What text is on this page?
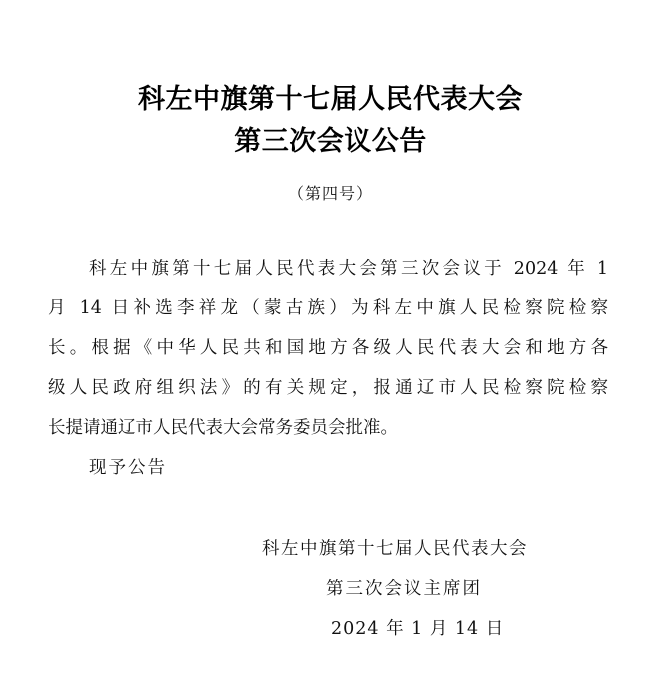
科左中旗第十七届人民代表大会
第三次会议公告
（第四号）
科左中旗第十七届人民代表大会第三次会议于 2024 年 1
月 14 日补选李祥龙（蒙古族）为科左中旗人民检察院检察
长。根据《中华人民共和国地方各级人民代表大会和地方各
级人民政府组织法》的有关规定，报通辽市人民检察院检察
长提请通辽市人民代表大会常务委员会批准。
现予公告
科左中旗第十七届人民代表大会
第三次会议主席团
2024 年 1 月 14 日
